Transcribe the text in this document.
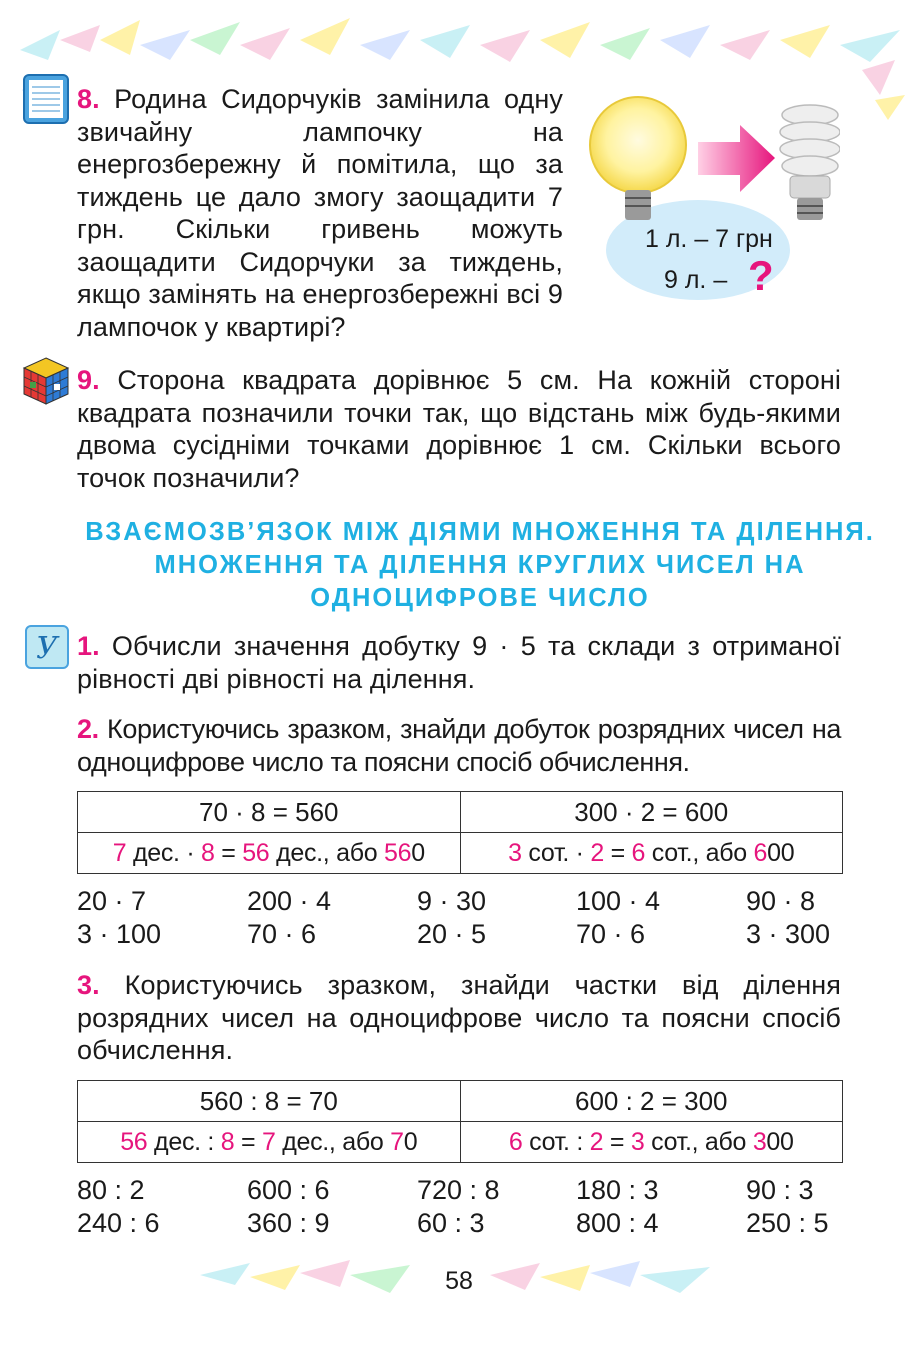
8. Родина Сидорчуків замінила одну звичайну лампочку на енергозбережну й помітила, що за тиждень це дало змогу заощадити 7 грн. Скільки гривень можуть заощадити Сидорчуки за тиждень, якщо замінять на енергозбережні всі 9 лампочок у квартирі?

1 л. – 7 грн
9 л. – ?

9. Сторона квадрата дорівнює 5 см. На кожній стороні квадрата позначили точки так, що відстань між будь-якими двома сусідніми точками дорівнює 1 см. Скільки всього точок позначили?

ВЗАЄМОЗВ’ЯЗОК МІЖ ДІЯМИ МНОЖЕННЯ ТА ДІЛЕННЯ. МНОЖЕННЯ ТА ДІЛЕННЯ КРУГЛИХ ЧИСЕЛ НА ОДНОЦИФРОВЕ ЧИСЛО
У 1. Обчисли значення добутку 9 · 5 та склади з отриманої рівності дві рівності на ділення.

2. Користуючись зразком, знайди добуток розрядних чисел на одноцифрове число та поясни спосіб обчислення.

70 · 8 = 560	300 · 2 = 600
7 дес. · 8 = 56 дес., або 560	3 сот. · 2 = 6 сот., або 600
20 · 7	200 · 4	9 · 30	100 · 4	90 · 8
3 · 100	70 · 6	20 · 5	70 · 6	3 · 300

3. Користуючись зразком, знайди частки від ділення розрядних чисел на одноцифрове число та поясни спосіб обчислення.

560 : 8 = 70	600 : 2 = 300
56 дес. : 8 = 7 дес., або 70	6 сот. : 2 = 3 сот., або 300
80 : 2	600 : 6	720 : 8	180 : 3	90 : 3
240 : 6	360 : 9	60 : 3	800 : 4	250 : 5
58
